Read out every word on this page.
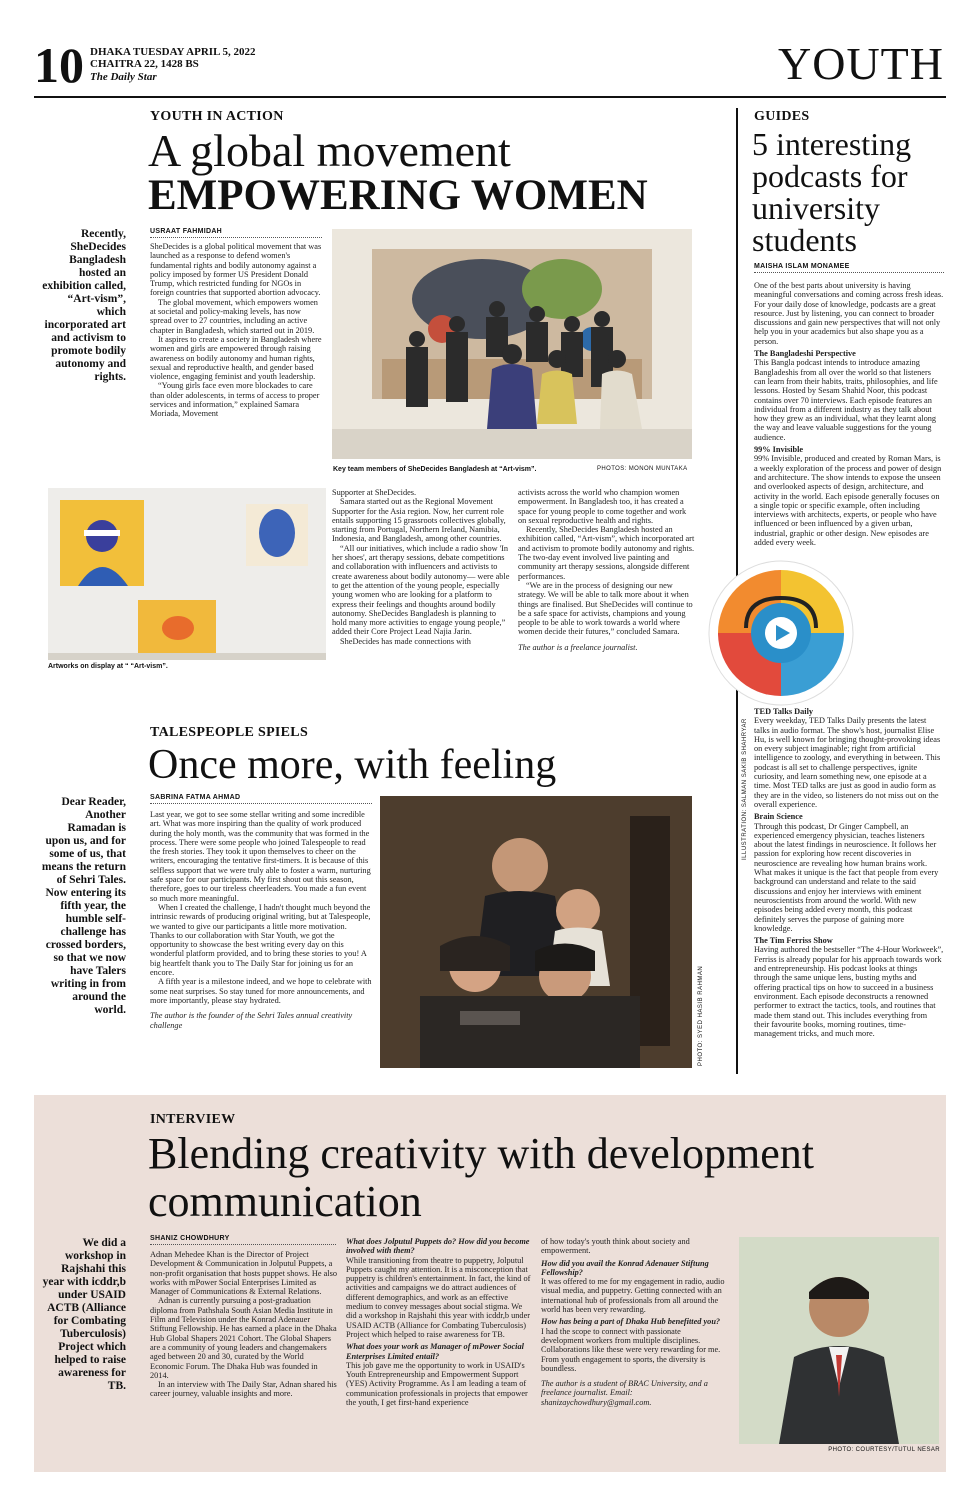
10 DHAKA TUESDAY APRIL 5, 2022
CHAITRA 22, 1428 BS
The Daily Star	YOUTH
YOUTH IN ACTION
A global movement
EMPOWERING WOMEN
USRAAT FAHMIDAH
Recently, SheDecides Bangladesh hosted an exhibition called, “Art-vism”, which incorporated art and activism to promote bodily autonomy and rights.

SheDecides is a global political movement that was launched as a response to defend women's fundamental rights and bodily autonomy against a policy imposed by former US President Donald Trump, which restricted funding for NGOs in foreign countries that supported abortion advocacy.

The global movement, which empowers women at societal and policy-making levels, has now spread over to 27 countries, including an active chapter in Bangladesh, which started out in 2019.

It aspires to create a society in Bangladesh where women and girls are empowered through raising awareness on bodily autonomy and human rights, sexual and reproductive health, and gender based violence, engaging feminist and youth leadership.

“Young girls face even more blockades to care than older adolescents, in terms of access to proper services and information,” explained Samara Moriada, Movement

Key team members of SheDecides Bangladesh at “Art-vism”.	PHOTOS: MONON MUNTAKA
Artworks on display at “ “Art-vism”.

Supporter at SheDecides.

Samara started out as the Regional Movement Supporter for the Asia region. Now, her current role entails supporting 15 grassroots collectives globally, starting from Portugal, Northern Ireland, Namibia, Indonesia, and Bangladesh, among other countries.

“All our initiatives, which include a radio show 'In her shoes', art therapy sessions, debate competitions and collaboration with influencers and activists to create awareness about bodily autonomy— were able to get the attention of the young people, especially young women who are looking for a platform to express their feelings and thoughts around bodily autonomy. SheDecides Bangladesh is planning to hold many more activities to engage young people,” added their Core Project Lead Najia Jarin.

SheDecides has made connections with

activists across the world who champion women empowerment. In Bangladesh too, it has created a space for young people to come together and work on sexual reproductive health and rights.

Recently, SheDecides Bangladesh hosted an exhibition called, “Art-vism”, which incorporated art and activism to promote bodily autonomy and rights. The two-day event involved live painting and community art therapy sessions, alongside different performances.

“We are in the process of designing our new strategy. We will be able to talk more about it when things are finalised. But SheDecides will continue to be a safe space for activists, champions and young people to be able to work towards a world where women decide their futures,” concluded Samara.

The author is a freelance journalist.

TALESPEOPLE SPIELS
Once more, with feeling
SABRINA FATMA AHMAD
Dear Reader, Another Ramadan is upon us, and for some of us, that means the return of Sehri Tales. Now entering its fifth year, the humble self-challenge has crossed borders, so that we now have Talers writing in from around the world.

Last year, we got to see some stellar writing and some incredible art. What was more inspiring than the quality of work produced during the holy month, was the community that was formed in the process. There were some people who joined Talespeople to read the fresh stories. They took it upon themselves to cheer on the writers, encouraging the tentative first-timers. It is because of this selfless support that we were truly able to foster a warm, nurturing safe space for our participants. My first shout out this season, therefore, goes to our tireless cheerleaders. You made a fun event so much more meaningful.

When I created the challenge, I hadn't thought much beyond the intrinsic rewards of producing original writing, but at Talespeople, we wanted to give our participants a little more motivation. Thanks to our collaboration with Star Youth, we got the opportunity to showcase the best writing every day on this wonderful platform provided, and to bring these stories to you! A big heartfelt thank you to The Daily Star for joining us for an encore.

A fifth year is a milestone indeed, and we hope to celebrate with some neat surprises. So stay tuned for more announcements, and more importantly, please stay hydrated.

The author is the founder of the Sehri Tales annual creativity challenge	PHOTO: SYED HASIB RAHMAN
GUIDES
5 interesting podcasts for university students
MAISHA ISLAM MONAMEE

One of the best parts about university is having meaningful conversations and coming across fresh ideas. For your daily dose of knowledge, podcasts are a great resource. Just by listening, you can connect to broader discussions and gain new perspectives that will not only help you in your academics but also shape you as a person.

The Bangladeshi Perspective

This Bangla podcast intends to introduce amazing Bangladeshis from all over the world so that listeners can learn from their habits, traits, philosophies, and life lessons. Hosted by Sesam Shahid Noor, this podcast contains over 70 interviews. Each episode features an individual from a different industry as they talk about how they grew as an individual, what they learnt along the way and leave valuable suggestions for the young audience.

99% Invisible

99% Invisible, produced and created by Roman Mars, is a weekly exploration of the process and power of design and architecture. The show intends to expose the unseen and overlooked aspects of design, architecture, and activity in the world. Each episode generally focuses on a single topic or specific example, often including interviews with architects, experts, or people who have influenced or been influenced by a given urban, industrial, graphic or other design. New episodes are added every week.

TED Talks Daily

Every weekday, TED Talks Daily presents the latest talks in audio format. The show's host, journalist Elise Hu, is well known for bringing thought-provoking ideas on every subject imaginable; right from artificial intelligence to zoology, and everything in between. This podcast is all set to challenge perspectives, ignite curiosity, and learn something new, one episode at a time. Most TED talks are just as good in audio form as they are in the video, so listeners do not miss out on the overall experience.

Brain Science

Through this podcast, Dr Ginger Campbell, an experienced emergency physician, teaches listeners about the latest findings in neuroscience. It follows her passion for exploring how recent discoveries in neuroscience are revealing how human brains work. What makes it unique is the fact that people from every background can understand and relate to the said discussions and enjoy her interviews with eminent neuroscientists from around the world. With new episodes being added every month, this podcast definitely serves the purpose of gaining more knowledge.

The Tim Ferriss Show

Having authored the bestseller “The 4-Hour Workweek”, Ferriss is already popular for his approach towards work and entrepreneurship. His podcast looks at things through the same unique lens, busting myths and offering practical tips on how to succeed in a business environment. Each episode deconstructs a renowned performer to extract the tactics, tools, and routines that made them stand out. This includes everything from their favourite books, morning routines, time-management tricks, and much more.

ILLUSTRATION: SALMAN SAKIB SHAHRYAR
INTERVIEW
Blending creativity with development
communication
SHANIZ CHOWDHURY
We did a workshop in Rajshahi this year with icddr,b under USAID ACTB (Alliance for Combating Tuberculosis) Project which helped to raise awareness for TB.

Adnan Mehedee Khan is the Director of Project Development & Communication in Jolputul Puppets, a non-profit organisation that hosts puppet shows. He also works with mPower Social Enterprises Limited as Manager of Communications & External Relations.

Adnan is currently pursuing a post-graduation diploma from Pathshala South Asian Media Institute in Film and Television under the Konrad Adenauer Stiftung Fellowship. He has earned a place in the Dhaka Hub Global Shapers 2021 Cohort. The Global Shapers are a community of young leaders and changemakers aged between 20 and 30, curated by the World Economic Forum. The Dhaka Hub was founded in 2014.

In an interview with The Daily Star, Adnan shared his career journey, valuable insights and more.

What does Jolputul Puppets do? How did you become involved with them?

While transitioning from theatre to puppetry, Jolputul Puppets caught my attention. It is a misconception that puppetry is children's entertainment. In fact, the kind of activities and campaigns we do attract audiences of different demographics, and work as an effective medium to convey messages about social stigma. We did a workshop in Rajshahi this year with icddr,b under USAID ACTB (Alliance for Combating Tuberculosis) Project which helped to raise awareness for TB.

What does your work as Manager of mPower Social Enterprises Limited entail?

This job gave me the opportunity to work in USAID's Youth Entrepreneurship and Empowerment Support (YES) Activity Programme. As I am leading a team of communication professionals in projects that empower the youth, I get first-hand experience

of how today's youth think about society and empowerment.

How did you avail the Konrad Adenauer Stiftung Fellowship?

It was offered to me for my engagement in radio, audio visual media, and puppetry. Getting connected with an international hub of professionals from all around the world has been very rewarding.

How has being a part of Dhaka Hub benefitted you?

I had the scope to connect with passionate development workers from multiple disciplines. Collaborations like these were very rewarding for me. From youth engagement to sports, the diversity is boundless.

The author is a student of BRAC University, and a freelance journalist. Email: shanizaychowdhury@gmail.com.

PHOTO: COURTESY/TUTUL NESAR
